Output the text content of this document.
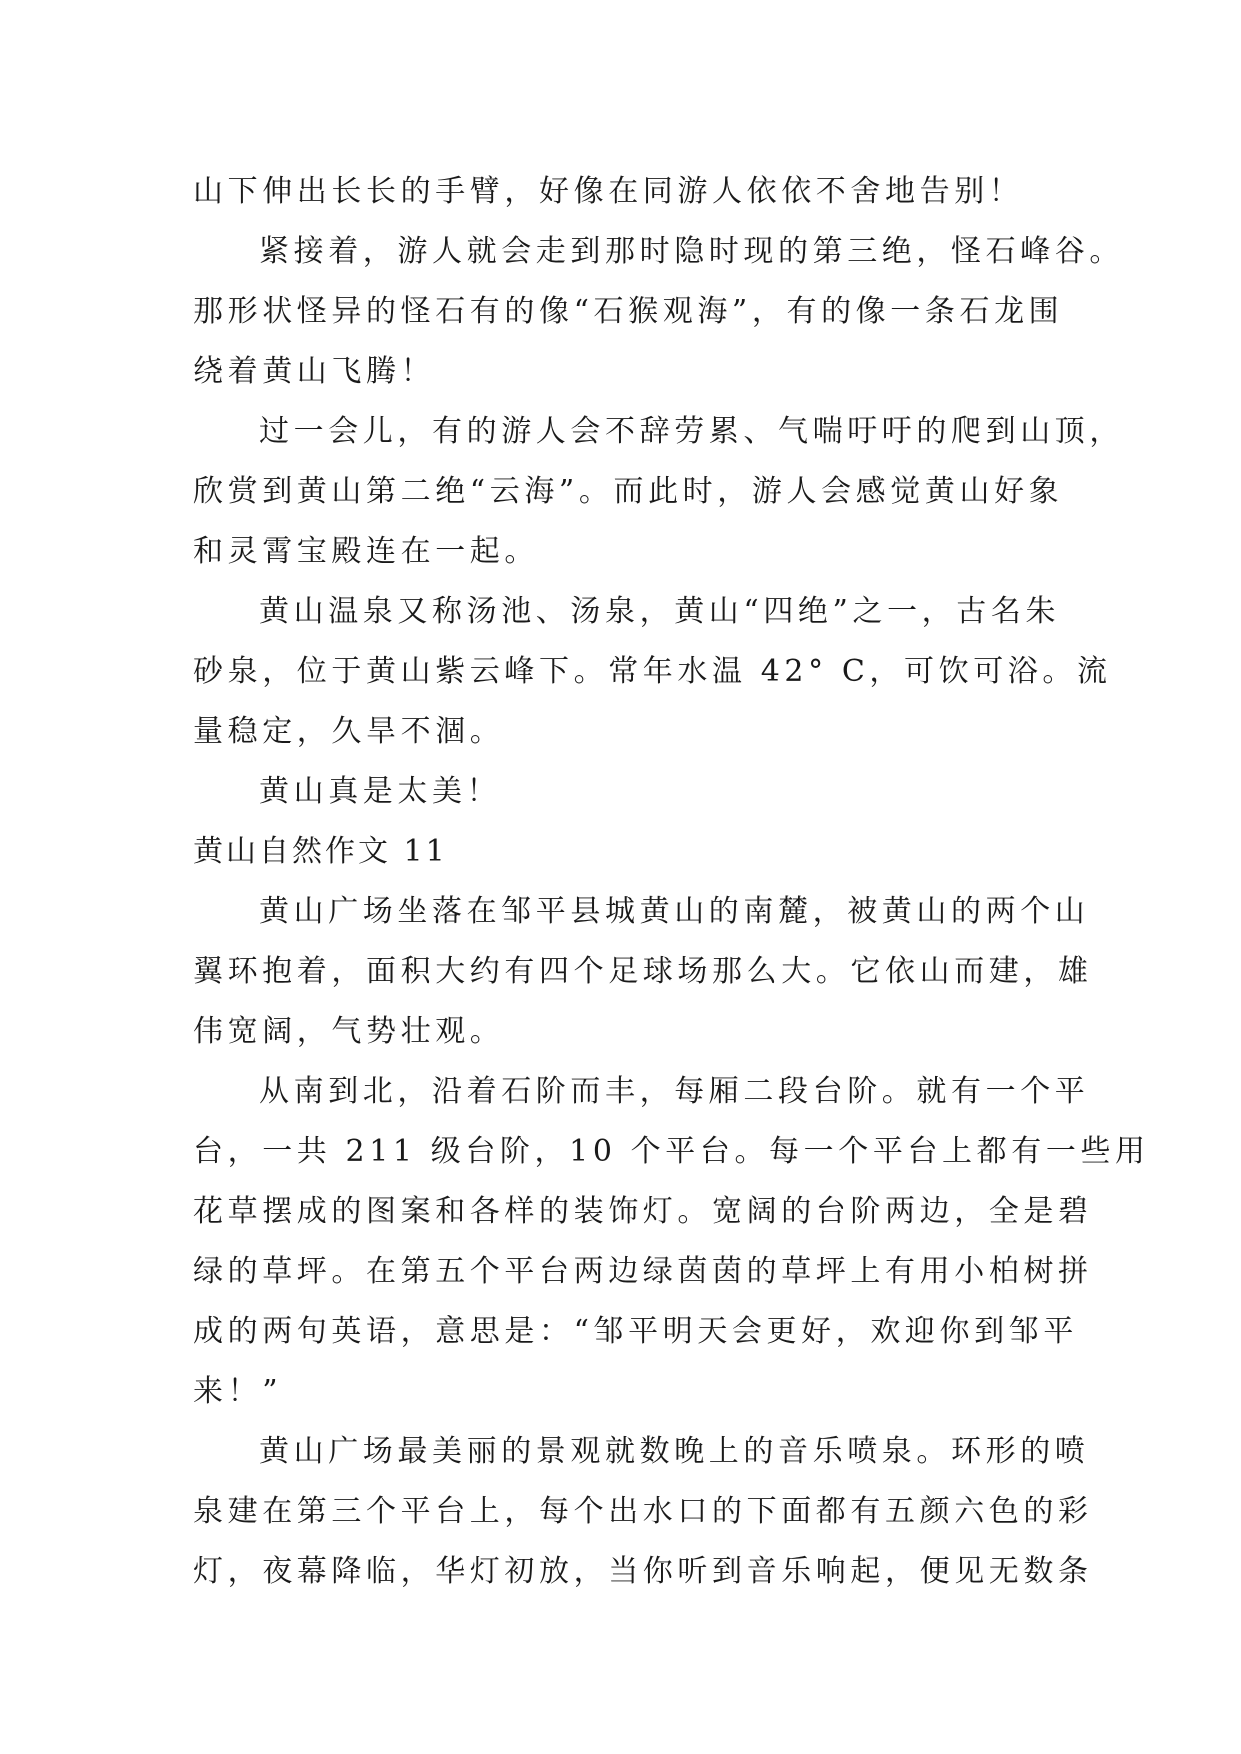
山下伸出长长的手臂，好像在同游人依依不舍地告别！
紧接着，游人就会走到那时隐时现的第三绝，怪石峰谷。
那形状怪异的怪石有的像“石猴观海”，有的像一条石龙围
绕着黄山飞腾！
过一会儿，有的游人会不辞劳累、气喘吁吁的爬到山顶，
欣赏到黄山第二绝“云海”。而此时，游人会感觉黄山好象
和灵霄宝殿连在一起。
黄山温泉又称汤池、汤泉，黄山“四绝”之一，古名朱
砂泉，位于黄山紫云峰下。常年水温 42° C，可饮可浴。流
量稳定，久旱不涸。
黄山真是太美！
黄山自然作文 11
黄山广场坐落在邹平县城黄山的南麓，被黄山的两个山
翼环抱着，面积大约有四个足球场那么大。它依山而建，雄
伟宽阔，气势壮观。
从南到北，沿着石阶而丰，每厢二段台阶。就有一个平
台，一共 211 级台阶，10 个平台。每一个平台上都有一些用
花草摆成的图案和各样的装饰灯。宽阔的台阶两边，全是碧
绿的草坪。在第五个平台两边绿茵茵的草坪上有用小柏树拼
成的两句英语，意思是：“邹平明天会更好，欢迎你到邹平
来！”
黄山广场最美丽的景观就数晚上的音乐喷泉。环形的喷
泉建在第三个平台上，每个出水口的下面都有五颜六色的彩
灯，夜幕降临，华灯初放，当你听到音乐响起，便见无数条
